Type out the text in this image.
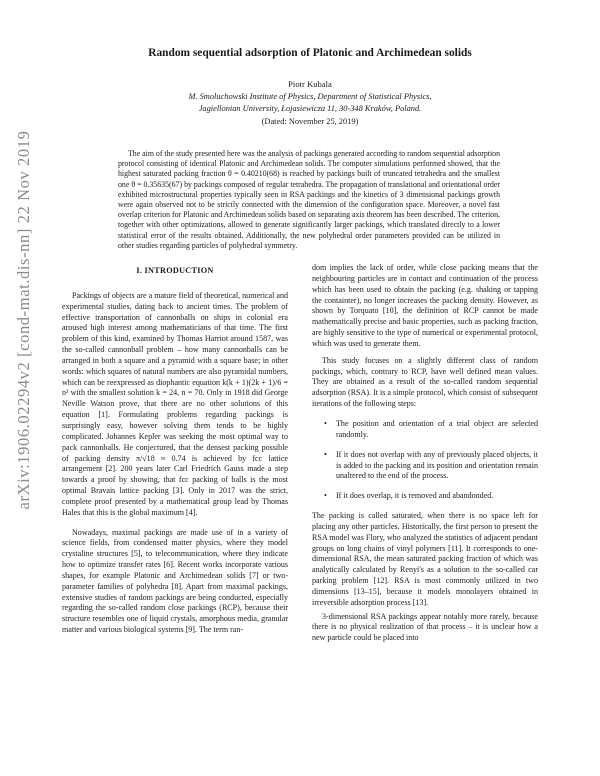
arXiv:1906.02294v2 [cond-mat.dis-nn] 22 Nov 2019
Random sequential adsorption of Platonic and Archimedean solids
Piotr Kubala
M. Smoluchowski Institute of Physics, Department of Statistical Physics,
Jagiellonian University, Łojasiewicza 11, 30-348 Kraków, Poland.
(Dated: November 25, 2019)
The aim of the study presented here was the analysis of packings generated according to random sequential adsorption protocol consisting of identical Platonic and Archimedean solids. The computer simulations performed showed, that the highest saturated packing fraction θ = 0.40210(68) is reached by packings built of truncated tetrahedra and the smallest one θ = 0.35635(67) by packings composed of regular tetrahedra. The propagation of translational and orientational order exhibited microstructural properties typically seen in RSA packings and the kinetics of 3 dimensional packings growth were again observed not to be strictly connected with the dimension of the configuration space. Moreover, a novel fast overlap criterion for Platonic and Archimedean solids based on separating axis theorem has been described. The criterion, together with other optimizations, allowed to generate significantly larger packings, which translated directly to a lower statistical error of the results obtained. Additionally, the new polyhedral order parameters provided can be utilized in other studies regarding particles of polyhedral symmetry.
I. INTRODUCTION

Packings of objects are a mature field of theoretical, numerical and experimental studies, dating back to ancient times. The problem of effective transportation of cannonballs on ships in colonial era aroused high interest among mathematicians of that time. The first problem of this kind, examined by Thomas Harriot around 1587, was the so-called cannonball problem – how many cannonballs can be arranged in both a square and a pyramid with a square base; in other words: which squares of natural numbers are also pyramidal numbers, which can be reexpressed as diophantic equation k(k + 1)(2k + 1)/6 = n² with the smallest solution k = 24, n = 70. Only in 1918 did George Neville Watson prove, that there are no other solutions of this equation [1]. Formulating problems regarding packings is surprisingly easy, however solving them tends to be highly complicated. Johannes Kepler was seeking the most optimal way to pack cannonballs. He conjectured, that the densest packing possible of packing density π/√18 ≈ 0.74 is achieved by fcc lattice arrangement [2]. 200 years later Carl Friedrich Gauss made a step towards a proof by showing, that fcc packing of balls is the most optimal Bravais lattice packing [3]. Only in 2017 was the strict, complete proof presented by a mathematical group lead by Thomas Hales that this is the global maximum [4].

Nowadays, maximal packings are made use of in a variety of science fields, from condensed matter physics, where they model crystaline structures [5], to telecommunication, where they indicate how to optimize transfer rates [6]. Recent works incorporate various shapes, for example Platonic and Archimedean solids [7] or two-parameter families of polyhedra [8]. Apart from maximal packings, extensive studies of random packings are being conducted, especially regarding the so-called random close packings (RCP), because their structure resembles one of liquid crystals, amorphous media, granular matter and various biological systems [9]. The term ran-

dom implies the lack of order, while close packing means that the neighbouring particles are in contact and continuation of the process which has been used to obtain the packing (e.g. shaking or tapping the containter), no longer increases the packing density. However, as shown by Torquato [10], the definition of RCP cannot be made mathematically precise and basic properties, such as packing fraction, are highly sensitive to the type of numerical or experimental protocol, which was used to generate them.

This study focuses on a slightly different class of random packings, which, contrary to RCP, have well defined mean values. They are obtained as a result of the so-called random sequential adsorption (RSA). It is a simple protocol, which consist of subsequent iterations of the following steps:

• The position and orientation of a trial object are selected randomly.
• If it does not overlap with any of previously placed objects, it is added to the packing and its position and orientation remain unaltered to the end of the process.
• If it does overlap, it is removed and abandonded.

The packing is called saturated, when there is no space left for placing any other particles. Historically, the first person to present the RSA model was Flory, who analyzed the statistics of adjacent pendant groups on long chains of vinyl polymers [11]. It corresponds to one-dimensional RSA, the mean saturated packing fraction of which was analytically calculated by Renyi's as a solution to the so-called car parking problem [12]. RSA is most commonly utilized in two dimensions [13–15], because it models monolayers obtained in irreversible adsorption process [13].

3-dimensional RSA packings appear notably more rarely, because there is no physical realization of that process – it is unclear how a new particle could be placed into
